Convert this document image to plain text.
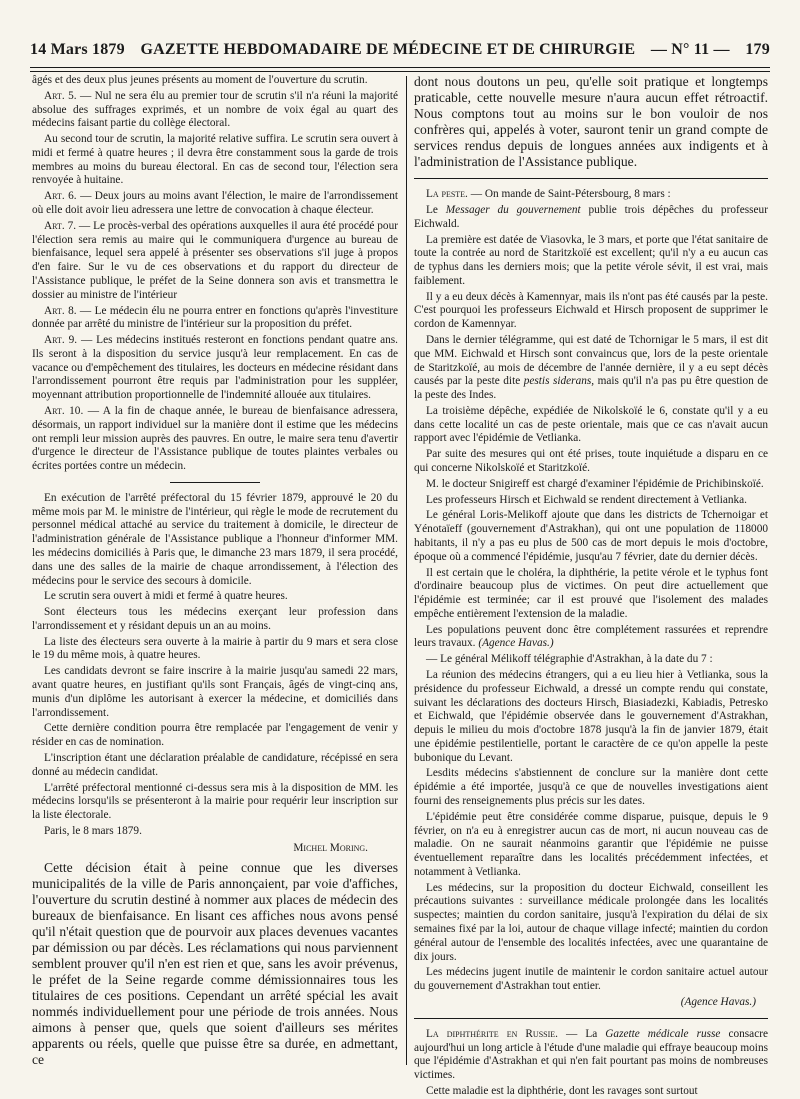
14 Mars 1879 GAZETTE HEBDOMADAIRE DE MÉDECINE ET DE CHIRURGIE — N° 11 — 179

âgés et des deux plus jeunes présents au moment de l'ouverture du scrutin.

Art. 5. — Nul ne sera élu au premier tour de scrutin s'il n'a réuni la majorité absolue des suffrages exprimés, et un nombre de voix égal au quart des médecins faisant partie du collège électoral.

Au second tour de scrutin, la majorité relative suffira. Le scrutin sera ouvert à midi et fermé à quatre heures ; il devra être constamment sous la garde de trois membres au moins du bureau électoral. En cas de second tour, l'élection sera renvoyée à huitaine.

Art. 6. — Deux jours au moins avant l'élection, le maire de l'arrondissement où elle doit avoir lieu adressera une lettre de convocation à chaque électeur.

Art. 7. — Le procès-verbal des opérations auxquelles il aura été procédé pour l'élection sera remis au maire qui le communiquera d'urgence au bureau de bienfaisance, lequel sera appelé à présenter ses observations s'il juge à propos d'en faire. Sur le vu de ces observations et du rapport du directeur de l'Assistance publique, le préfet de la Seine donnera son avis et transmettra le dossier au ministre de l'intérieur

Art. 8. — Le médecin élu ne pourra entrer en fonctions qu'après l'investiture donnée par arrêté du ministre de l'intérieur sur la proposition du préfet.

Art. 9. — Les médecins institués resteront en fonctions pendant quatre ans. Ils seront à la disposition du service jusqu'à leur remplacement. En cas de vacance ou d'empêchement des titulaires, les docteurs en médecine résidant dans l'arrondissement pourront être requis par l'administration pour les suppléer, moyennant attribution proportionnelle de l'indemnité allouée aux titulaires.

Art. 10. — A la fin de chaque année, le bureau de bienfaisance adressera, désormais, un rapport individuel sur la manière dont il estime que les médecins ont rempli leur mission auprès des pauvres. En outre, le maire sera tenu d'avertir d'urgence le directeur de l'Assistance publique de toutes plaintes verbales ou écrites portées contre un médecin.

En exécution de l'arrêté préfectoral du 15 février 1879, approuvé le 20 du même mois par M. le ministre de l'intérieur, qui règle le mode de recrutement du personnel médical attaché au service du traitement à domicile, le directeur de l'administration générale de l'Assistance publique a l'honneur d'informer MM. les médecins domiciliés à Paris que, le dimanche 23 mars 1879, il sera procédé, dans une des salles de la mairie de chaque arrondissement, à l'élection des médecins pour le service des secours à domicile.

Le scrutin sera ouvert à midi et fermé à quatre heures.

Sont électeurs tous les médecins exerçant leur profession dans l'arrondissement et y résidant depuis un an au moins.

La liste des électeurs sera ouverte à la mairie à partir du 9 mars et sera close le 19 du même mois, à quatre heures.

Les candidats devront se faire inscrire à la mairie jusqu'au samedi 22 mars, avant quatre heures, en justifiant qu'ils sont Français, âgés de vingt-cinq ans, munis d'un diplôme les autorisant à exercer la médecine, et domiciliés dans l'arrondissement.

Cette dernière condition pourra être remplacée par l'engagement de venir y résider en cas de nomination.

L'inscription étant une déclaration préalable de candidature, récépissé en sera donné au médecin candidat.

L'arrêté préfectoral mentionné ci-dessus sera mis à la disposition de MM. les médecins lorsqu'ils se présenteront à la mairie pour requérir leur inscription sur la liste électorale.

Paris, le 8 mars 1879.

Michel Moring.

Cette décision était à peine connue que les diverses municipalités de la ville de Paris annonçaient, par voie d'affiches, l'ouverture du scrutin destiné à nommer aux places de médecin des bureaux de bienfaisance. En lisant ces affiches nous avons pensé qu'il n'était question que de pourvoir aux places devenues vacantes par démission ou par décès. Les réclamations qui nous parviennent semblent prouver qu'il n'en est rien et que, sans les avoir prévenus, le préfet de la Seine regarde comme démissionnaires tous les titulaires de ces positions. Cependant un arrêté spécial les avait nommés individuellement pour une période de trois années. Nous aimons à penser que, quels que soient d'ailleurs ses mérites apparents ou réels, quelle que puisse être sa durée, en admettant, ce

dont nous doutons un peu, qu'elle soit pratique et longtemps praticable, cette nouvelle mesure n'aura aucun effet rétroactif. Nous comptons tout au moins sur le bon vouloir de nos confrères qui, appelés à voter, sauront tenir un grand compte de services rendus depuis de longues années aux indigents et à l'administration de l'Assistance publique.

La peste. — On mande de Saint-Pétersbourg, 8 mars :

Le Messager du gouvernement publie trois dépêches du professeur Eichwald.

La première est datée de Viasovka, le 3 mars, et porte que l'état sanitaire de toute la contrée au nord de Staritzkoïé est excellent; qu'il n'y a eu aucun cas de typhus dans les derniers mois; que la petite vérole sévit, il est vrai, mais faiblement.

Il y a eu deux décès à Kamennyar, mais ils n'ont pas été causés par la peste. C'est pourquoi les professeurs Eichwald et Hirsch proposent de supprimer le cordon de Kamennyar.

Dans le dernier télégramme, qui est daté de Tchornigar le 5 mars, il est dit que MM. Eichwald et Hirsch sont convaincus que, lors de la peste orientale de Staritzkoïé, au mois de décembre de l'année dernière, il y a eu sept décès causés par la peste dite pestis siderans, mais qu'il n'a pas pu être question de la peste des Indes.

La troisième dépêche, expédiée de Nikolskoïé le 6, constate qu'il y a eu dans cette localité un cas de peste orientale, mais que ce cas n'avait aucun rapport avec l'épidémie de Vetlianka.

Par suite des mesures qui ont été prises, toute inquiétude a disparu en ce qui concerne Nikolskoïé et Staritzkoïé.

M. le docteur Snigireff est chargé d'examiner l'épidémie de Prichibinskoïé.

Les professeurs Hirsch et Eichwald se rendent directement à Vetlianka.

Le général Loris-Melikoff ajoute que dans les districts de Tchernoigar et Yénotaïeff (gouvernement d'Astrakhan), qui ont une population de 118000 habitants, il n'y a pas eu plus de 500 cas de mort depuis le mois d'octobre, époque où a commencé l'épidémie, jusqu'au 7 février, date du dernier décès.

Il est certain que le choléra, la diphthérie, la petite vérole et le typhus font d'ordinaire beaucoup plus de victimes. On peut dire actuellement que l'épidémie est terminée; car il est prouvé que l'isolement des malades empêche entièrement l'extension de la maladie.

Les populations peuvent donc être complétement rassurées et reprendre leurs travaux. (Agence Havas.)

— Le général Mélikoff télégraphie d'Astrakhan, à la date du 7 :

La réunion des médecins étrangers, qui a eu lieu hier à Vetlianka, sous la présidence du professeur Eichwald, a dressé un compte rendu qui constate, suivant les déclarations des docteurs Hirsch, Biasiadezki, Kabiadis, Petresko et Eichwald, que l'épidémie observée dans le gouvernement d'Astrakhan, depuis le milieu du mois d'octobre 1878 jusqu'à la fin de janvier 1879, était une épidémie pestilentielle, portant le caractère de ce qu'on appelle la peste bubonique du Levant.

Lesdits médecins s'abstiennent de conclure sur la manière dont cette épidémie a été importée, jusqu'à ce que de nouvelles investigations aient fourni des renseignements plus précis sur les dates.

L'épidémie peut être considérée comme disparue, puisque, depuis le 9 février, on n'a eu à enregistrer aucun cas de mort, ni aucun nouveau cas de maladie. On ne saurait néanmoins garantir que l'épidémie ne puisse éventuellement reparaître dans les localités précédemment infectées, et notamment à Vetlianka.

Les médecins, sur la proposition du docteur Eichwald, conseillent les précautions suivantes : surveillance médicale prolongée dans les localités suspectes; maintien du cordon sanitaire, jusqu'à l'expiration du délai de six semaines fixé par la loi, autour de chaque village infecté; maintien du cordon général autour de l'ensemble des localités infectées, avec une quarantaine de dix jours.

Les médecins jugent inutile de maintenir le cordon sanitaire actuel autour du gouvernement d'Astrakhan tout entier.

(Agence Havas.)

La diphthérite en Russie. — La Gazette médicale russe consacre aujourd'hui un long article à l'étude d'une maladie qui effraye beaucoup moins que l'épidémie d'Astrakhan et qui n'en fait pourtant pas moins de nombreuses victimes.

Cette maladie est la diphthérie, dont les ravages sont surtout
